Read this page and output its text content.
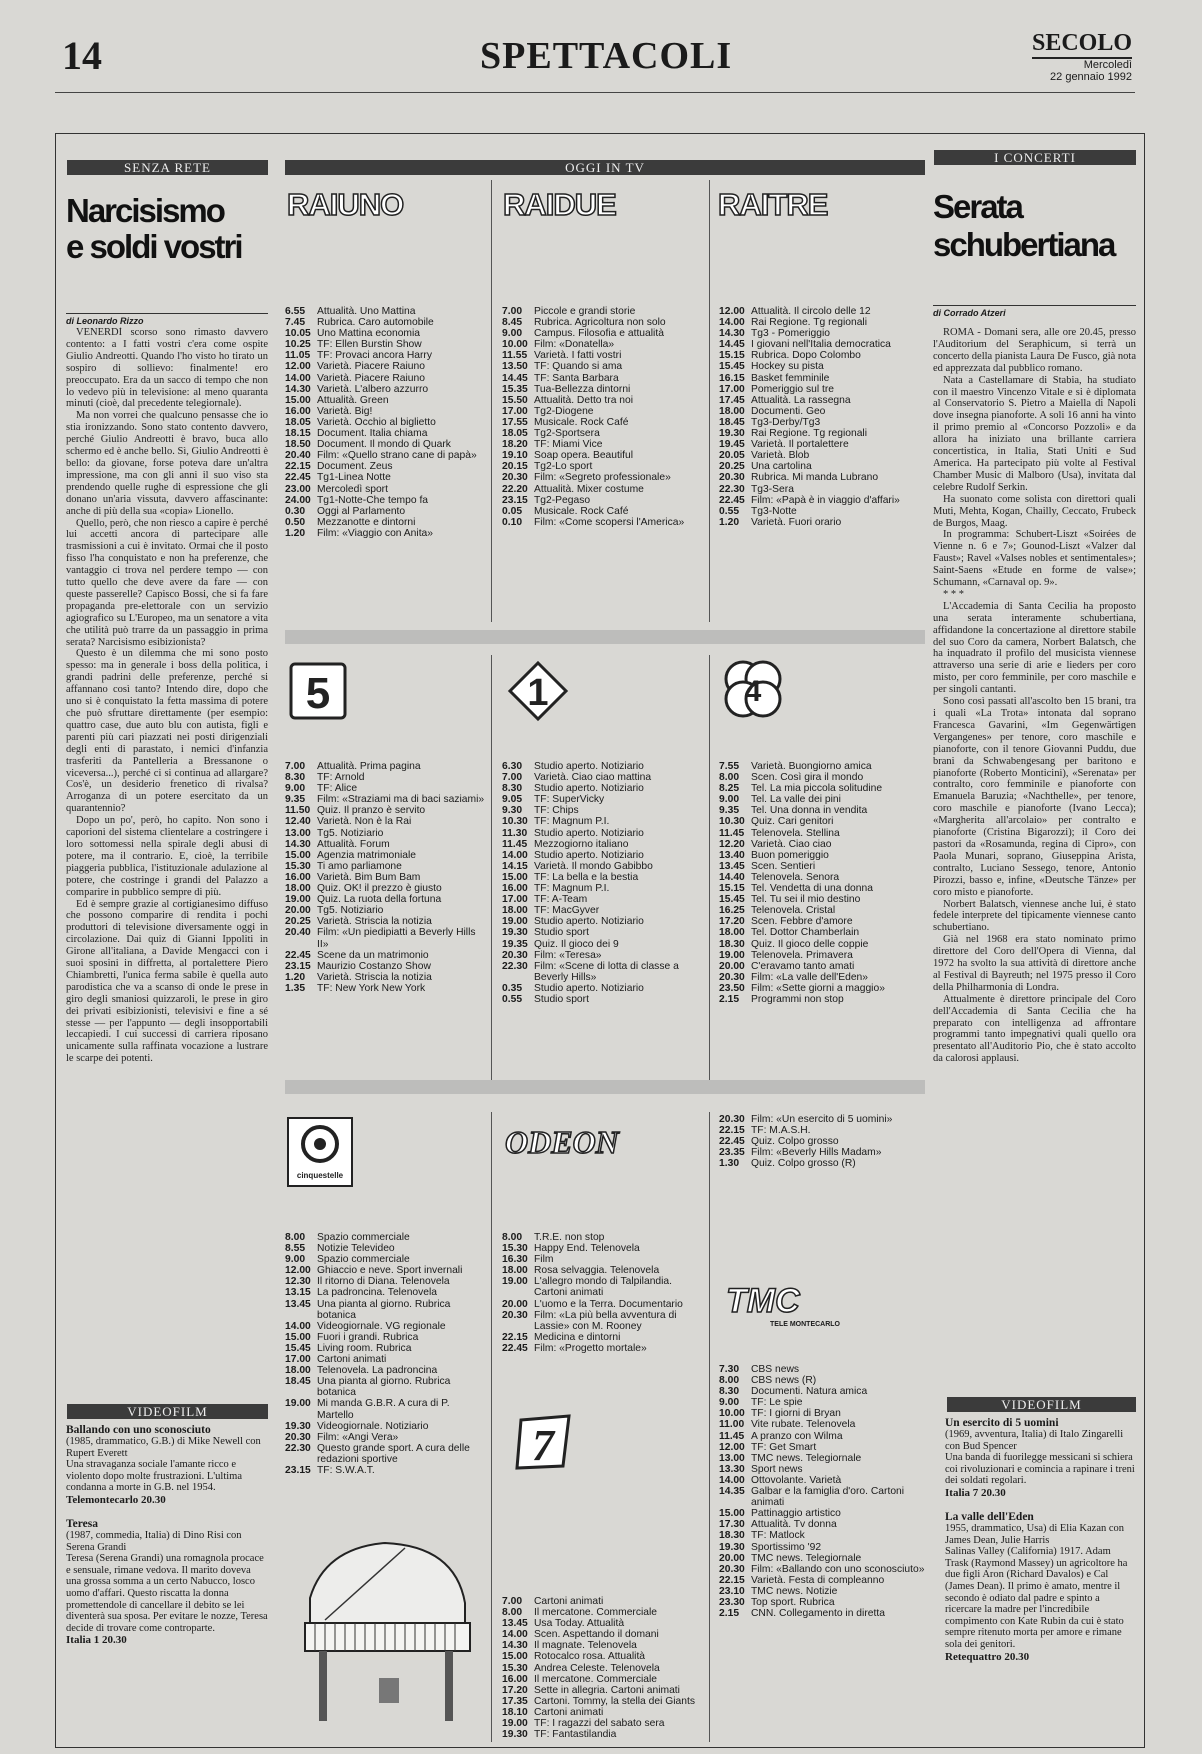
14	SPETTACOLI	SECOLO
Mercoledì
22 gennaio 1992
SENZA RETE
Narcisismo
e soldi vostri
di Leonardo Rizzo

VENERDÌ scorso sono rimasto davvero contento: a I fatti vostri c'era come ospite Giulio Andreotti. Quando l'ho visto ho tirato un sospiro di sollievo: finalmente! ero preoccupato. Era da un sacco di tempo che non lo vedevo più in televisione: al meno quaranta minuti (cioè, dal precedente telegiornale).

Ma non vorrei che qualcuno pensasse che io stia ironizzando. Sono stato contento davvero, perché Giulio Andreotti è bravo, buca allo schermo ed è anche bello. Sì, Giulio Andreotti è bello: da giovane, forse poteva dare un'altra impressione, ma con gli anni il suo viso sta prendendo quelle rughe di espressione che gli donano un'aria vissuta, davvero affascinante: anche di più della sua «copia» Lionello.

Quello, però, che non riesco a capire è perché lui accetti ancora di partecipare alle trasmissioni a cui è invitato. Ormai che il posto fisso l'ha conquistato e non ha preferenze, che vantaggio ci trova nel perdere tempo — con tutto quello che deve avere da fare — con queste passerelle? Capisco Bossi, che si fa fare propaganda pre-elettorale con un servizio agiografico su L'Europeo, ma un senatore a vita che utilità può trarre da un passaggio in prima serata? Narcisismo esibizionista?

Questo è un dilemma che mi sono posto spesso: ma in generale i boss della politica, i grandi padrini delle preferenze, perché si affannano così tanto? Intendo dire, dopo che uno si è conquistato la fetta massima di potere che può sfruttare direttamente (per esempio: quattro case, due auto blu con autista, figli e parenti più cari piazzati nei posti dirigenziali degli enti di parastato, i nemici d'infanzia trasferiti da Pantelleria a Bressanone o viceversa...), perché ci si continua ad allargare? Cos'è, un desiderio frenetico di rivalsa? Arroganza di un potere esercitato da un quarantennio?

Dopo un po', però, ho capito. Non sono i caporioni del sistema clientelare a costringere i loro sottomessi nella spirale degli abusi di potere, ma il contrario. E, cioè, la terribile piaggeria pubblica, l'istituzionale adulazione al potere, che costringe i grandi del Palazzo a comparire in pubblico sempre di più.

Ed è sempre grazie al cortigianesimo diffuso che possono comparire di rendita i pochi produttori di televisione diversamente oggi in circolazione. Dai quiz di Gianni Ippoliti in Girone all'italiana, a Davide Mengacci con i suoi sposini in diffretta, al portalettere Piero Chiambretti, l'unica ferma sabile è quella auto parodistica che va a scanso di onde le prese in giro degli smaniosi quizzaroli, le prese in giro dei privati esibizionisti, televisivi e fine a sé stesse — per l'appunto — degli insopportabili leccapiedi. I cui successi di carriera riposano unicamente sulla raffinata vocazione a lustrare le scarpe dei potenti.

VIDEOFILM
Ballando con uno sconosciuto
(1985, drammatico, G.B.) di Mike Newell con Rupert Everett
Una stravaganza sociale l'amante ricco e violento dopo molte frustrazioni. L'ultima condanna a morte in G.B. nel 1954.
Telemontecarlo 20.30
Teresa
(1987, commedia, Italia) di Dino Risi con Serena Grandi
Teresa (Serena Grandi) una romagnola procace e sensuale, rimane vedova. Il marito doveva una grossa somma a un certo Nabucco, losco uomo d'affari. Questo riscatta la donna promettendole di cancellare il debito se lei diventerà sua sposa. Per evitare le nozze, Teresa decide di trovare come controparte.
Italia 1 20.30
OGGI IN TV
RAIUNO	RAIDUE	RAITRE
6.55	Attualità. Uno Mattina
7.45	Rubrica. Caro automobile
10.05 Uno Mattina economia
10.25 TF: Ellen Burstin Show
11.05 TF: Provaci ancora Harry
12.00 Varietà. Piacere Raiuno
14.00 Varietà. Piacere Raiuno
14.30 Varietà. L'albero azzurro
15.00 Attualità. Green
16.00 Varietà. Big!
18.05 Varietà. Occhio al biglietto
18.15 Document. Italia chiama
18.50 Document. Il mondo di Quark
20.40 Film: «Quello strano cane di papà»
22.15 Document. Zeus
22.45 Tg1-Linea Notte
23.00 Mercoledì sport
24.00 Tg1-Notte-Che tempo fa
0.30	Oggi al Parlamento
0.50	Mezzanotte e dintorni
1.20	Film: «Viaggio con Anita»
7.00	Piccole e grandi storie
8.45	Rubrica. Agricoltura non solo
9.00	Campus. Filosofia e attualità
10.00 Film: «Donatella»
11.55 Varietà. I fatti vostri
13.50 TF: Quando si ama
14.45 TF: Santa Barbara
15.35 Tua-Bellezza dintorni
15.50 Attualità. Detto tra noi
17.00 Tg2-Diogene
17.55 Musicale. Rock Café
18.05 Tg2-Sportsera
18.20 TF: Miami Vice
19.10 Soap opera. Beautiful
20.15 Tg2-Lo sport
20.30 Film: «Segreto professionale»
22.20 Attualità. Mixer costume
23.15 Tg2-Pegaso
0.05	Musicale. Rock Café
0.10	Film: «Come scopersi l'America»
12.00 Attualità. Il circolo delle 12
14.00 Rai Regione. Tg regionali
14.30 Tg3 - Pomeriggio
14.45 I giovani nell'Italia democratica
15.15 Rubrica. Dopo Colombo
15.45 Hockey su pista
16.15 Basket femminile
17.00 Pomeriggio sul tre
17.45 Attualità. La rassegna
18.00 Documenti. Geo
18.45 Tg3-Derby/Tg3
19.30 Rai Regione. Tg regionali
19.45 Varietà. Il portalettere
20.05 Varietà. Blob
20.25 Una cartolina
20.30 Rubrica. Mi manda Lubrano
22.30 Tg3-Sera
22.45 Film: «Papà è in viaggio d'affari»
0.55	Tg3-Notte
1.20	Varietà. Fuori orario
5	1	4
7.00	Attualità. Prima pagina
8.30	TF: Arnold
9.00	TF: Alice
9.35	Film: «Straziami ma di baci saziami»
11.50 Quiz. Il pranzo è servito
12.40 Varietà. Non è la Rai
13.00 Tg5. Notiziario
14.30 Attualità. Forum
15.00 Agenzia matrimoniale
15.30 Ti amo parliamone
16.00 Varietà. Bim Bum Bam
18.00 Quiz. OK! il prezzo è giusto
19.00 Quiz. La ruota della fortuna
20.00 Tg5. Notiziario
20.25 Varietà. Striscia la notizia
20.40 Film: «Un piedipiatti a Beverly Hills II»
22.45 Scene da un matrimonio
23.15 Maurizio Costanzo Show
1.20	Varietà. Striscia la notizia
1.35	TF: New York New York
6.30	Studio aperto. Notiziario
7.00	Varietà. Ciao ciao mattina
8.30	Studio aperto. Notiziario
9.05	TF: SuperVicky
9.30	TF: Chips
10.30 TF: Magnum P.I.
11.30 Studio aperto. Notiziario
11.45 Mezzogiorno italiano
14.00 Studio aperto. Notiziario
14.15 Varietà. Il mondo Gabibbo
15.00 TF: La bella e la bestia
16.00 TF: Magnum P.I.
17.00 TF: A-Team
18.00 TF: MacGyver
19.00 Studio aperto. Notiziario
19.30 Studio sport
19.35 Quiz. Il gioco dei 9
20.30 Film: «Teresa»
22.30 Film: «Scene di lotta di classe a Beverly Hills»
0.35	Studio aperto. Notiziario
0.55	Studio sport
7.55	Varietà. Buongiorno amica
8.00	Scen. Così gira il mondo
8.25	Tel. La mia piccola solitudine
9.00	Tel. La valle dei pini
9.35	Tel. Una donna in vendita
10.30 Quiz. Cari genitori
11.45 Telenovela. Stellina
12.20 Varietà. Ciao ciao
13.40 Buon pomeriggio
13.45 Scen. Sentieri
14.40 Telenovela. Senora
15.15 Tel. Vendetta di una donna
15.45 Tel. Tu sei il mio destino
16.25 Telenovela. Cristal
17.20 Scen. Febbre d'amore
18.00 Tel. Dottor Chamberlain
18.30 Quiz. Il gioco delle coppie
19.00 Telenovela. Primavera
20.00 C'eravamo tanto amati
20.30 Film: «La valle dell'Eden»
23.50 Film: «Sette giorni a maggio»
2.15	Programmi non stop
cinquestelle
ODEON
8.00	Spazio commerciale
8.55	Notizie Televideo
9.00	Spazio commerciale
12.00 Ghiaccio e neve. Sport invernali
12.30 Il ritorno di Diana. Telenovela
13.15 La padroncina. Telenovela
13.45 Una pianta al giorno. Rubrica botanica
14.00 Videogiornale. VG regionale
15.00 Fuori i grandi. Rubrica
15.45 Living room. Rubrica
17.00 Cartoni animati
18.00 Telenovela. La padroncina
18.45 Una pianta al giorno. Rubrica botanica
19.00 Mi manda G.B.R. A cura di P. Martello
19.30 Videogiornale. Notiziario
20.30 Film: «Angi Vera»
22.30 Questo grande sport. A cura delle redazioni sportive
23.15 TF: S.W.A.T.
8.00	T.R.E. non stop
15.30 Happy End. Telenovela
16.30 Film
18.00 Rosa selvaggia. Telenovela
19.00 L'allegro mondo di Talpilandia. Cartoni animati
20.00 L'uomo e la Terra. Documentario
20.30 Film: «La più bella avventura di Lassie» con M. Rooney
22.15 Medicina e dintorni
22.45 Film: «Progetto mortale»
20.30 Film: «Un esercito di 5 uomini»
22.15 TF: M.A.S.H.
22.45 Quiz. Colpo grosso
23.35 Film: «Beverly Hills Madam»
1.30	Quiz. Colpo grosso (R)
TMC
TELE MONTECARLO
7.30	CBS news
8.00	CBS news (R)
8.30	Documenti. Natura amica
9.00	TF: Le spie
10.00 TF: I giorni di Bryan
11.00 Vite rubate. Telenovela
11.45 A pranzo con Wilma
12.00 TF: Get Smart
13.00 TMC news. Telegiornale
13.30 Sport news
14.00 Ottovolante. Varietà
14.35 Galbar e la famiglia d'oro. Cartoni animati
15.00 Pattinaggio artistico
17.30 Attualità. Tv donna
18.30 TF: Matlock
19.30 Sportissimo '92
20.00 TMC news. Telegiornale
20.30 Film: «Ballando con uno sconosciuto»
22.15 Varietà. Festa di compleanno
23.10 TMC news. Notizie
23.30 Top sport. Rubrica
2.15	CNN. Collegamento in diretta
7
7.00	Cartoni animati
8.00	Il mercatone. Commerciale
13.45 Usa Today. Attualità
14.00 Scen. Aspettando il domani
14.30 Il magnate. Telenovela
15.00 Rotocalco rosa. Attualità
15.30 Andrea Celeste. Telenovela
16.00 Il mercatone. Commerciale
17.20 Sette in allegria. Cartoni animati
17.35 Cartoni. Tommy, la stella dei Giants
18.10 Cartoni animati
19.00 TF: I ragazzi del sabato sera
19.30 TF: Fantastilandia
I CONCERTI
Serata
schubertiana
di Corrado Atzeri

ROMA - Domani sera, alle ore 20.45, presso l'Auditorium del Seraphicum, si terrà un concerto della pianista Laura De Fusco, già nota ed apprezzata dal pubblico romano.

Nata a Castellamare di Stabia, ha studiato con il maestro Vincenzo Vitale e si è diplomata al Conservatorio S. Pietro a Maiella di Napoli dove insegna pianoforte. A soli 16 anni ha vinto il primo premio al «Concorso Pozzoli» e da allora ha iniziato una brillante carriera concertistica, in Italia, Stati Uniti e Sud America. Ha partecipato più volte al Festival Chamber Music di Malboro (Usa), invitata dal celebre Rudolf Serkin.

Ha suonato come solista con direttori quali Muti, Mehta, Kogan, Chailly, Ceccato, Frubeck de Burgos, Maag.

In programma: Schubert-Liszt «Soirées de Vienne n. 6 e 7»; Gounod-Liszt «Valzer dal Faust»; Ravel «Valses nobles et sentimentales»; Saint-Saens «Etude en forme de valse»; Schumann, «Carnaval op. 9».

* * *

L'Accademia di Santa Cecilia ha proposto una serata interamente schubertiana, affidandone la concertazione al direttore stabile del suo Coro da camera, Norbert Balatsch, che ha inquadrato il profilo del musicista viennese attraverso una serie di arie e lieders per coro misto, per coro femminile, per coro maschile e per singoli cantanti.

Sono così passati all'ascolto ben 15 brani, tra i quali «La Trota» intonata dal soprano Francesca Gavarini, «Im Gegenwärtigen Vergangenes» per tenore, coro maschile e pianoforte, con il tenore Giovanni Puddu, due brani da Schwabengesang per baritono e pianoforte (Roberto Monticini), «Serenata» per contralto, coro femminile e pianoforte con Emanuela Baruzia; «Nachthelle», per tenore, coro maschile e pianoforte (Ivano Lecca); «Margherita all'arcolaio» per contralto e pianoforte (Cristina Bigarozzi); il Coro dei pastori da «Rosamunda, regina di Cipro», con Paola Munari, soprano, Giuseppina Arista, contralto, Luciano Sessego, tenore, Antonio Pirozzi, basso e, infine, «Deutsche Tänze» per coro misto e pianoforte.

Norbert Balatsch, viennese anche lui, è stato fedele interprete del tipicamente viennese canto schubertiano.

Già nel 1968 era stato nominato primo direttore del Coro dell'Opera di Vienna, dal 1972 ha svolto la sua attività di direttore anche al Festival di Bayreuth; nel 1975 presso il Coro della Philharmonia di Londra.

Attualmente è direttore principale del Coro dell'Accademia di Santa Cecilia che ha preparato con intelligenza ad affrontare programmi tanto impegnativi quali quello ora presentato all'Auditorio Pio, che è stato accolto da calorosi applausi.

VIDEOFILM
Un esercito di 5 uomini
(1969, avventura, Italia) di Italo Zingarelli con Bud Spencer
Una banda di fuorilegge messicani si schiera coi rivoluzionari e comincia a rapinare i treni dei soldati regolari.
Italia 7 20.30
La valle dell'Eden
1955, drammatico, Usa) di Elia Kazan con James Dean, Julie Harris
Salinas Valley (California) 1917. Adam Trask (Raymond Massey) un agricoltore ha due figli Aron (Richard Davalos) e Cal (James Dean). Il primo è amato, mentre il secondo è odiato dal padre e spinto a ricercare la madre per l'incredibile compimento con Kate Rubin da cui è stato sempre ritenuto morta per amore e rimane sola dei genitori.
Retequattro 20.30
